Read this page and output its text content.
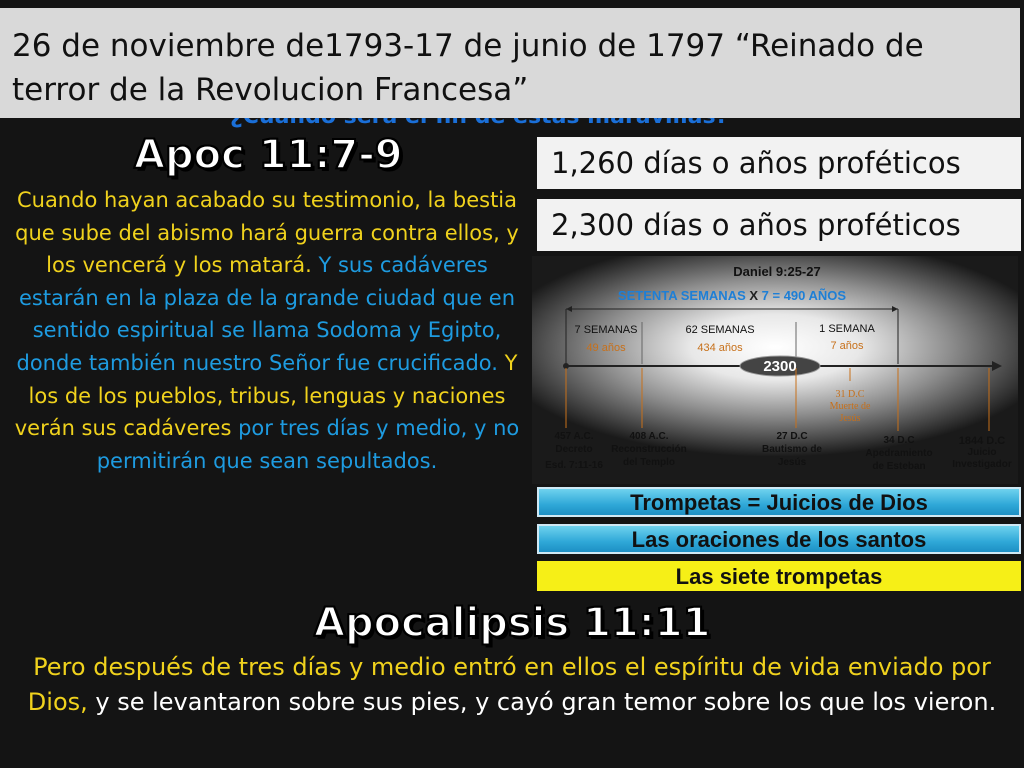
26 de noviembre de1793-17 de junio de 1797 “Reinado de terror de la Revolucion Francesa”
Apoc 11:7-9
Cuando hayan acabado su testimonio, la bestia que sube del abismo hará guerra contra ellos, y los vencerá y los matará. Y sus cadáveres estarán en la plaza de la grande ciudad que en sentido espiritual se llama Sodoma y Egipto, donde también nuestro Señor fue crucificado. Y los de los pueblos, tribus, lenguas y naciones verán sus cadáveres por tres días y medio, y no permitirán que sean sepultados.
1,260 días o años proféticos
2,300 días o años proféticos
Daniel 9:25-27
SETENTA SEMANAS X 7 = 490 AÑOS
7 SEMANAS
49 años
62 SEMANAS
434 años
1 SEMANA
7 años
2300
31 D.C
Muerte de
Jesús
457 A.C.
Decreto
Esd. 7:11-16
408 A.C.
Reconstrucción
del Templo
27 D.C
Bautismo de
Jesús
34 D.C
Apedramiento
de Esteban
1844 D.C
Juicio
Investigador
Trompetas = Juicios de Dios
Las oraciones de los santos
Las siete trompetas
Apocalipsis 11:11
Pero después de tres días y medio entró en ellos el espíritu de vida enviado por Dios, y se levantaron sobre sus pies, y cayó gran temor sobre los que los vieron.
